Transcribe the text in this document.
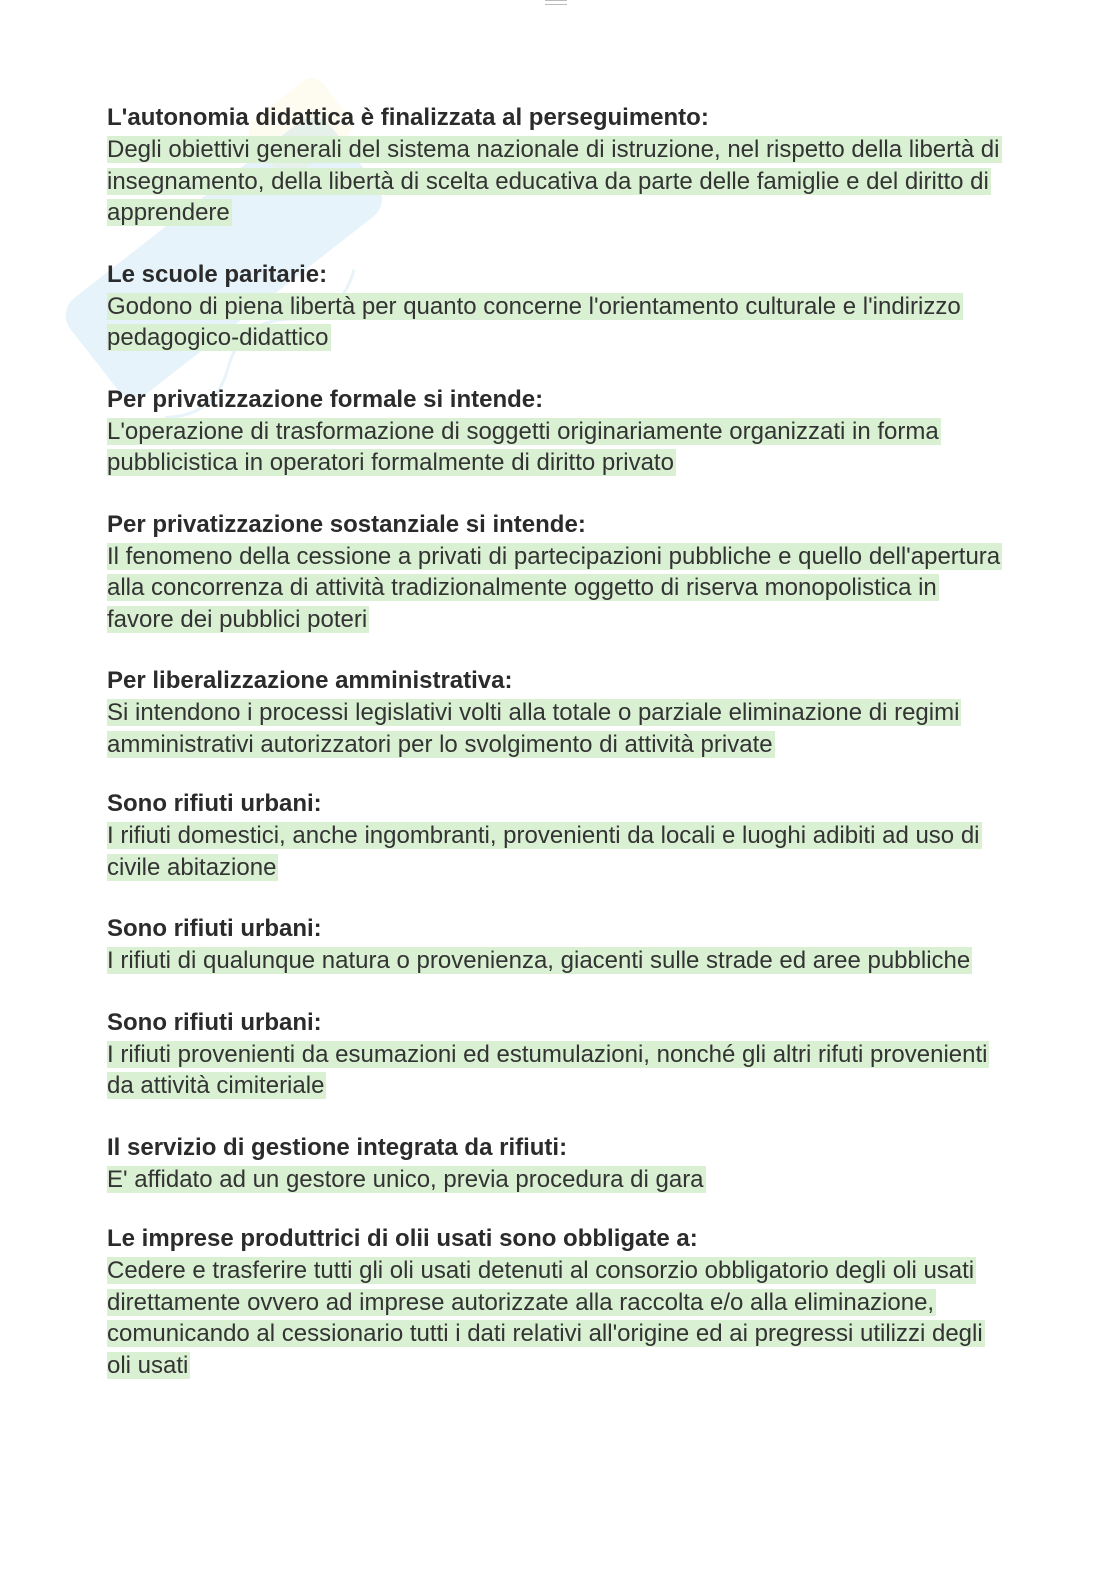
L'autonomia didattica è finalizzata al perseguimento:
Degli obiettivi generali del sistema nazionale di istruzione, nel rispetto della libertà di insegnamento, della libertà di scelta educativa da parte delle famiglie e del diritto di apprendere
Le scuole paritarie:
Godono di piena libertà per quanto concerne l'orientamento culturale e l'indirizzo pedagogico-didattico
Per privatizzazione formale si intende:
L'operazione di trasformazione di soggetti originariamente organizzati in forma pubblicistica in operatori formalmente di diritto privato
Per privatizzazione sostanziale si intende:
Il fenomeno della cessione a privati di partecipazioni pubbliche e quello dell'apertura alla concorrenza di attività tradizionalmente oggetto di riserva monopolistica in favore dei pubblici poteri
Per liberalizzazione amministrativa:
Si intendono i processi legislativi volti alla totale o parziale eliminazione di regimi amministrativi autorizzatori per lo svolgimento di attività private
Sono rifiuti urbani:
I rifiuti domestici, anche ingombranti, provenienti da locali e luoghi adibiti ad uso di civile abitazione
Sono rifiuti urbani:
I rifiuti di qualunque natura o provenienza, giacenti sulle strade ed aree pubbliche
Sono rifiuti urbani:
I rifiuti provenienti da esumazioni ed estumulazioni, nonché gli altri rifuti provenienti da attività cimiteriale
Il servizio di gestione integrata da rifiuti:
E' affidato ad un gestore unico, previa procedura di gara
Le imprese produttrici di olii usati sono obbligate a:
Cedere e trasferire tutti gli oli usati detenuti al consorzio obbligatorio degli oli usati direttamente ovvero ad imprese autorizzate alla raccolta e/o alla eliminazione, comunicando al cessionario tutti i dati relativi all'origine ed ai pregressi utilizzi degli oli usati
